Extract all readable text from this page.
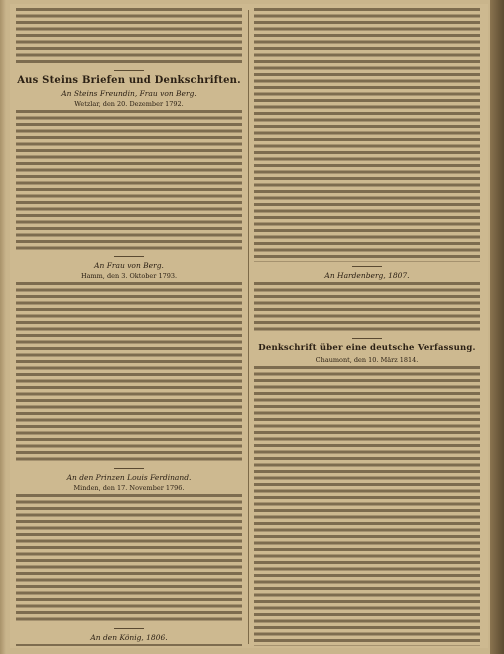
Aus Steins Briefen und Denkschriften.
An Steins Freundin, Frau von Berg.
Wetzlar, den 20. Dezember 1792.
An Frau von Berg.
Hamm, den 3. Oktober 1793.
An den Prinzen Louis Ferdinand.
Minden, den 17. November 1796.
An den König, 1806.
An Hardenberg, 1807.
Denkschrift über eine deutsche Verfassung.
Chaumont, den 10. März 1814.
